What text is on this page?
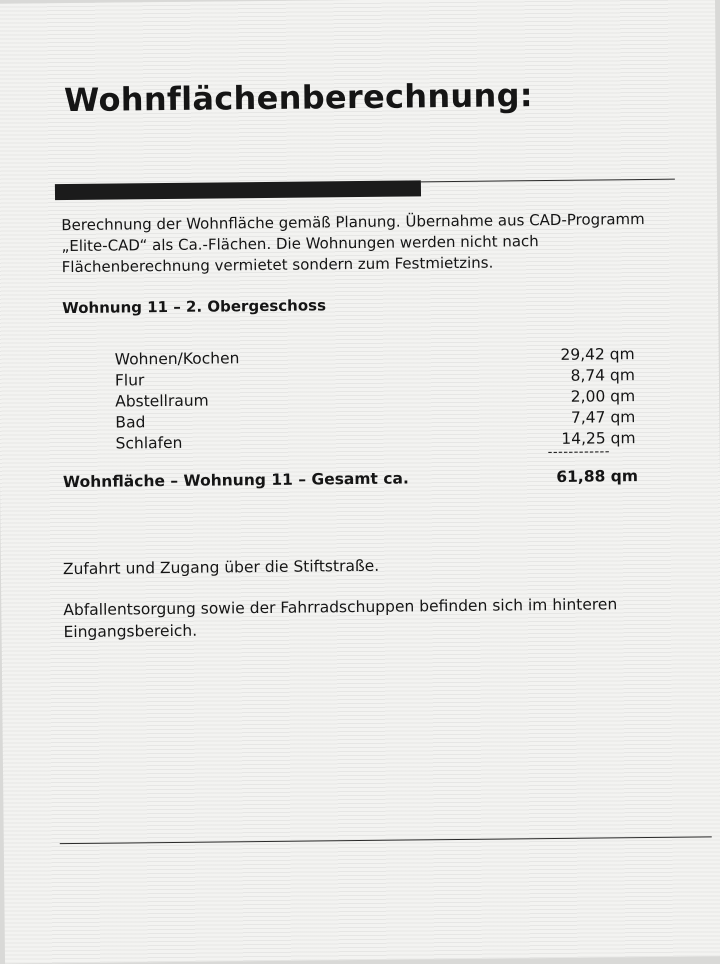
Wohnflächenberechnung:
Berechnung der Wohnfläche gemäß Planung. Übernahme aus CAD-Programm „Elite-CAD“ als Ca.-Flächen. Die Wohnungen werden nicht nach Flächenberechnung vermietet sondern zum Festmietzins.
Wohnung 11 – 2. Obergeschoss
Wohnen/Kochen	29,42 qm
Flur	8,74 qm
Abstellraum	2,00 qm
Bad	7,47 qm
Schlafen	14,25 qm
------------
Wohnfläche – Wohnung 11 – Gesamt ca.	61,88 qm
Zufahrt und Zugang über die Stiftstraße.
Abfallentsorgung sowie der Fahrradschuppen befinden sich im hinteren Eingangsbereich.
